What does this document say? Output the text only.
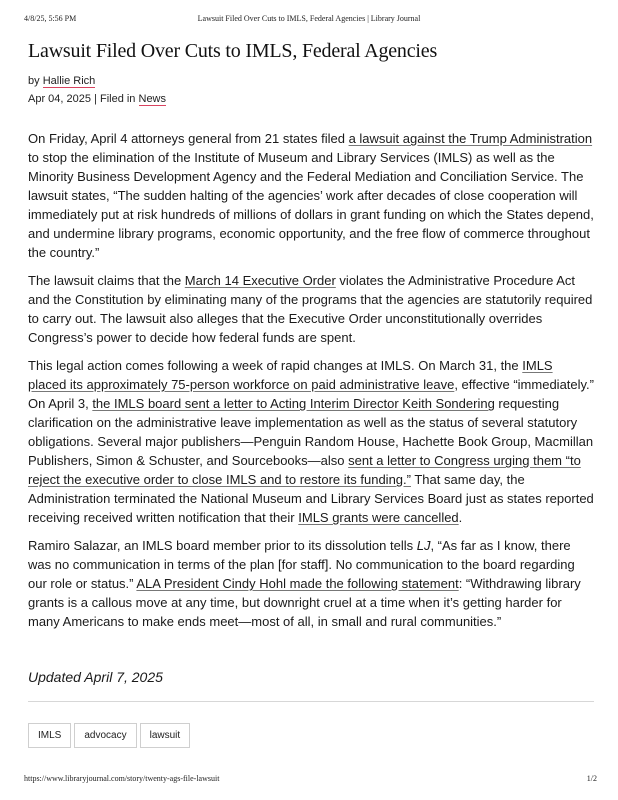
4/8/25, 5:56 PM	Lawsuit Filed Over Cuts to IMLS, Federal Agencies | Library Journal
Lawsuit Filed Over Cuts to IMLS, Federal Agencies
by Hallie Rich
Apr 04, 2025 | Filed in News

On Friday, April 4 attorneys general from 21 states filed a lawsuit against the Trump Administration to stop the elimination of the Institute of Museum and Library Services (IMLS) as well as the Minority Business Development Agency and the Federal Mediation and Conciliation Service. The lawsuit states, “The sudden halting of the agencies’ work after decades of close cooperation will immediately put at risk hundreds of millions of dollars in grant funding on which the States depend, and undermine library programs, economic opportunity, and the free flow of commerce throughout the country.”

The lawsuit claims that the March 14 Executive Order violates the Administrative Procedure Act and the Constitution by eliminating many of the programs that the agencies are statutorily required to carry out. The lawsuit also alleges that the Executive Order unconstitutionally overrides Congress’s power to decide how federal funds are spent.

This legal action comes following a week of rapid changes at IMLS. On March 31, the IMLS placed its approximately 75-person workforce on paid administrative leave, effective “immediately.” On April 3, the IMLS board sent a letter to Acting Interim Director Keith Sondering requesting clarification on the administrative leave implementation as well as the status of several statutory obligations. Several major publishers—Penguin Random House, Hachette Book Group, Macmillan Publishers, Simon & Schuster, and Sourcebooks—also sent a letter to Congress urging them “to reject the executive order to close IMLS and to restore its funding.” That same day, the Administration terminated the National Museum and Library Services Board just as states reported receiving received written notification that their IMLS grants were cancelled.

Ramiro Salazar, an IMLS board member prior to its dissolution tells LJ, “As far as I know, there was no communication in terms of the plan [for staff]. No communication to the board regarding our role or status.” ALA President Cindy Hohl made the following statement: “Withdrawing library grants is a callous move at any time, but downright cruel at a time when it’s getting harder for many Americans to make ends meet—most of all, in small and rural communities.”

Updated April 7, 2025
IMLS	advocacy	lawsuit
https://www.libraryjournal.com/story/twenty-ags-file-lawsuit	1/2
